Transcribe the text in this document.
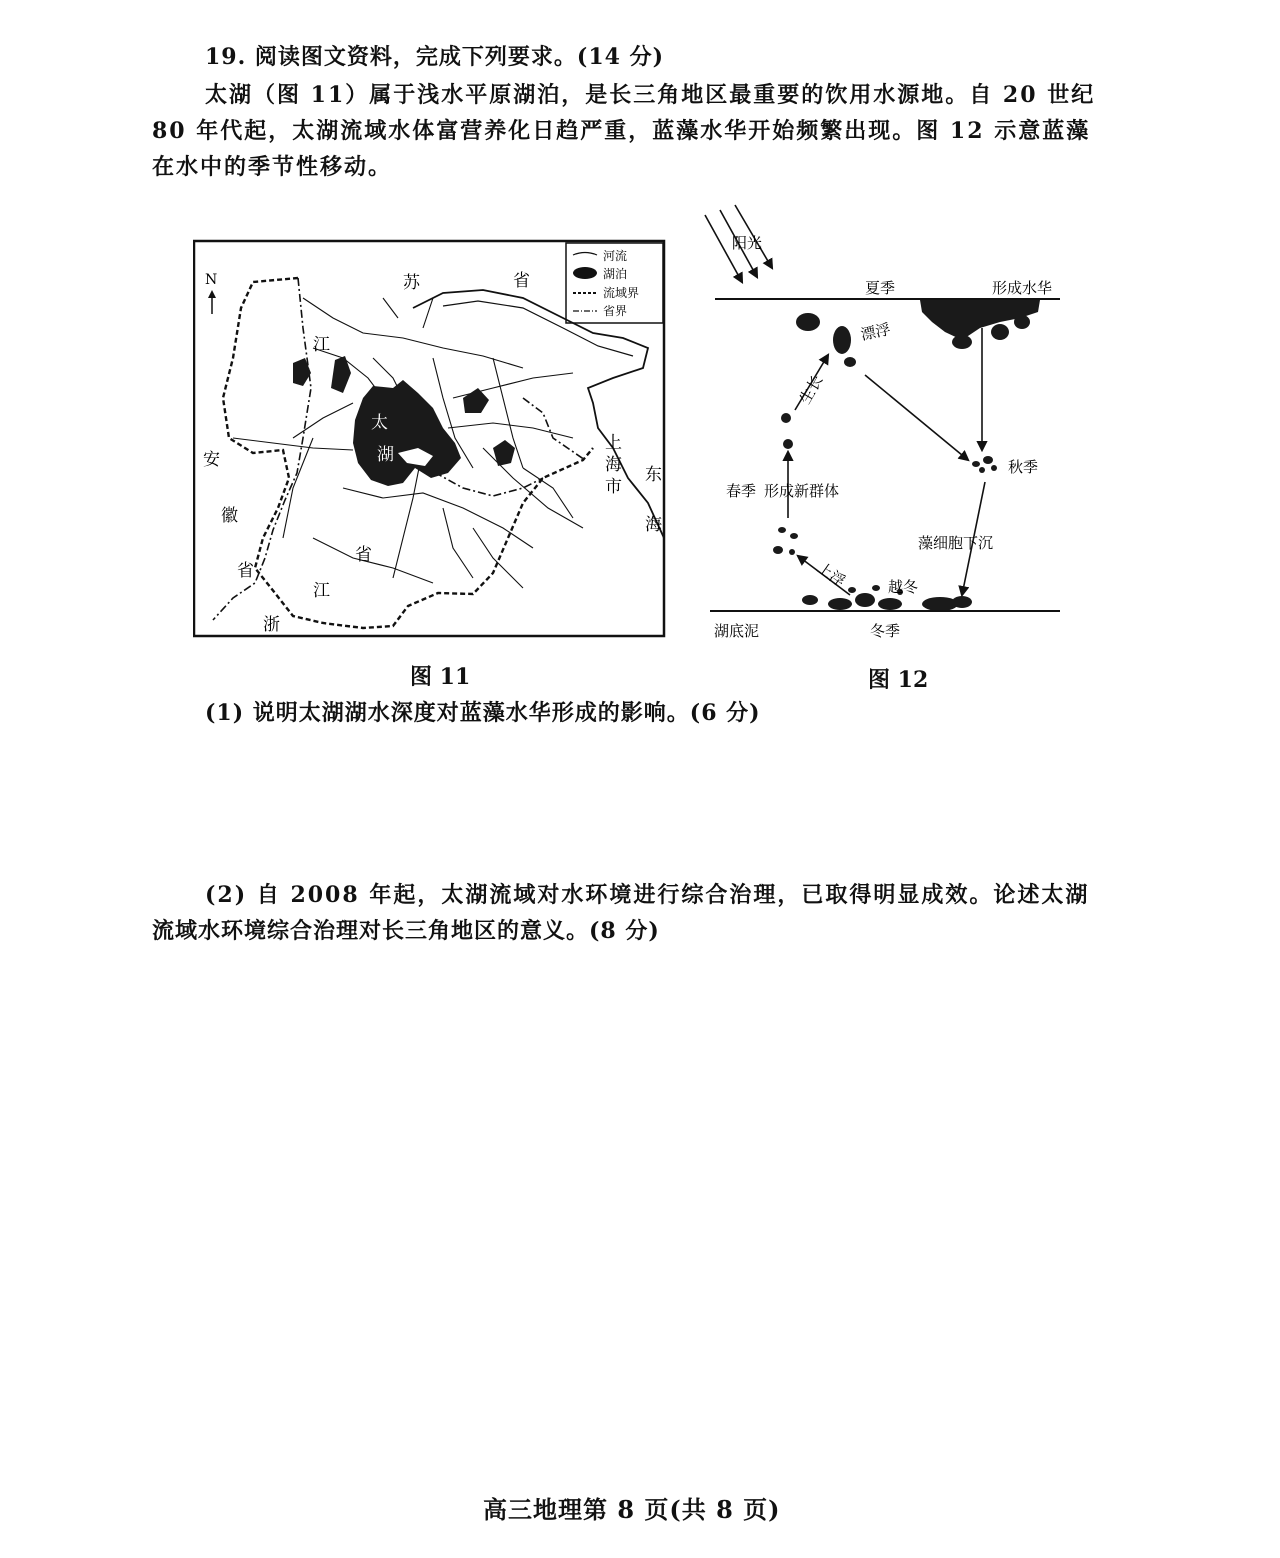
19. 阅读图文资料，完成下列要求。(14 分)
太湖（图 11）属于浅水平原湖泊，是长三角地区最重要的饮用水源地。自 20 世纪
80 年代起，太湖流域水体富营养化日趋严重，蓝藻水华开始频繁出现。图 12 示意蓝藻
在水中的季节性移动。
河流
湖泊
流域界
省界
N	苏	省
江
安
徽
省
省
江
浙
太
湖
上
海
市
东
海
阳光
夏季	形成水华
漂浮
生长
秋季
春季 形成新群体
藻细胞下沉
上浮	越冬
湖底泥	冬季
图 11	图 12
(1) 说明太湖湖水深度对蓝藻水华形成的影响。(6 分)
(2) 自 2008 年起，太湖流域对水环境进行综合治理，已取得明显成效。论述太湖
流域水环境综合治理对长三角地区的意义。(8 分)
高三地理第 8 页(共 8 页)
